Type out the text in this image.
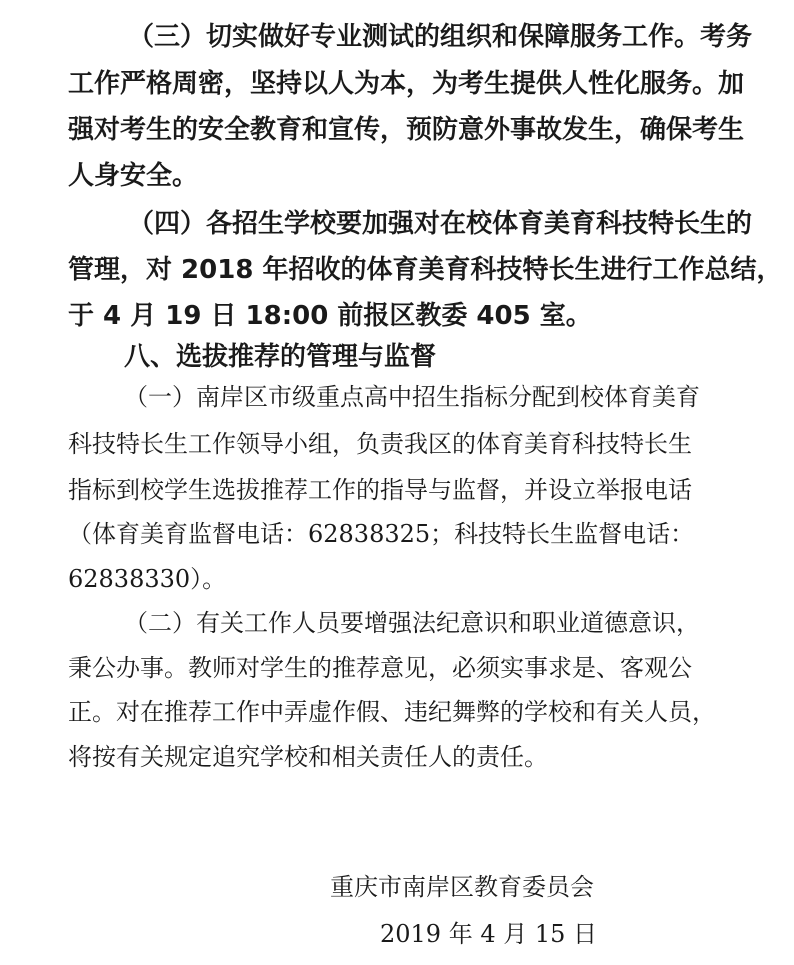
（三）切实做好专业测试的组织和保障服务工作。考务
工作严格周密，坚持以人为本，为考生提供人性化服务。加
强对考生的安全教育和宣传，预防意外事故发生，确保考生
人身安全。
（四）各招生学校要加强对在校体育美育科技特长生的
管理，对 2018 年招收的体育美育科技特长生进行工作总结，
于 4 月 19 日 18:00 前报区教委 405 室。
八、选拔推荐的管理与监督
（一）南岸区市级重点高中招生指标分配到校体育美育
科技特长生工作领导小组，负责我区的体育美育科技特长生
指标到校学生选拔推荐工作的指导与监督，并设立举报电话
（体育美育监督电话：62838325；科技特长生监督电话：
62838330）。
（二）有关工作人员要增强法纪意识和职业道德意识，
秉公办事。教师对学生的推荐意见，必须实事求是、客观公
正。对在推荐工作中弄虚作假、违纪舞弊的学校和有关人员，
将按有关规定追究学校和相关责任人的责任。
重庆市南岸区教育委员会
2019 年 4 月 15 日
